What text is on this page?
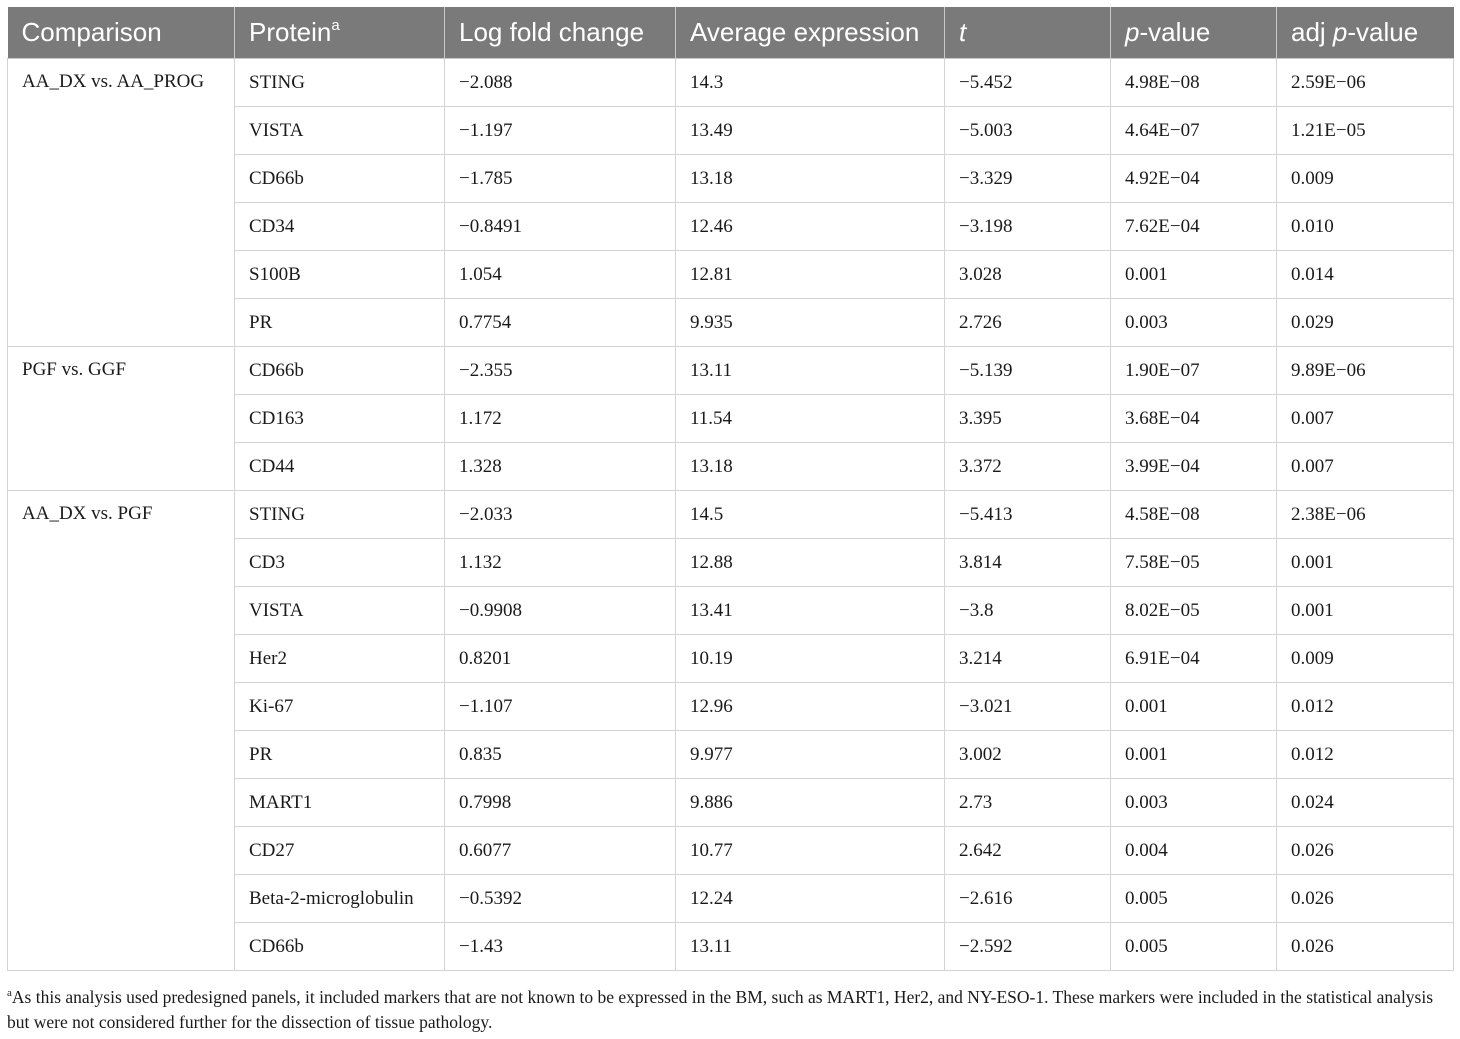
Comparison	Protein$^a$	Log fold change	Average expression	t	p-value	adj p-value
AA_DX vs. AA_PROG	STING	−2.088	14.3	−5.452	4.98E−08	2.59E−06
	VISTA	−1.197	13.49	−5.003	4.64E−07	1.21E−05
	CD66b	−1.785	13.18	−3.329	4.92E−04	0.009
	CD34	−0.8491	12.46	−3.198	7.62E−04	0.010
	S100B	1.054	12.81	3.028	0.001	0.014
	PR	0.7754	9.935	2.726	0.003	0.029
PGF vs. GGF	CD66b	−2.355	13.11	−5.139	1.90E−07	9.89E−06
	CD163	1.172	11.54	3.395	3.68E−04	0.007
	CD44	1.328	13.18	3.372	3.99E−04	0.007
AA_DX vs. PGF	STING	−2.033	14.5	−5.413	4.58E−08	2.38E−06
	CD3	1.132	12.88	3.814	7.58E−05	0.001
	VISTA	−0.9908	13.41	−3.8	8.02E−05	0.001
	Her2	0.8201	10.19	3.214	6.91E−04	0.009
	Ki-67	−1.107	12.96	−3.021	0.001	0.012
	PR	0.835	9.977	3.002	0.001	0.012
	MART1	0.7998	9.886	2.73	0.003	0.024
	CD27	0.6077	10.77	2.642	0.004	0.026
	Beta-2-microglobulin	−0.5392	12.24	−2.616	0.005	0.026
	CD66b	−1.43	13.11	−2.592	0.005	0.026
$^a$As this analysis used predesigned panels, it included markers that are not known to be expressed in the BM, such as MART1, Her2, and NY-ESO-1. These markers were included in the statistical analysis but were not considered further for the dissection of tissue pathology.
